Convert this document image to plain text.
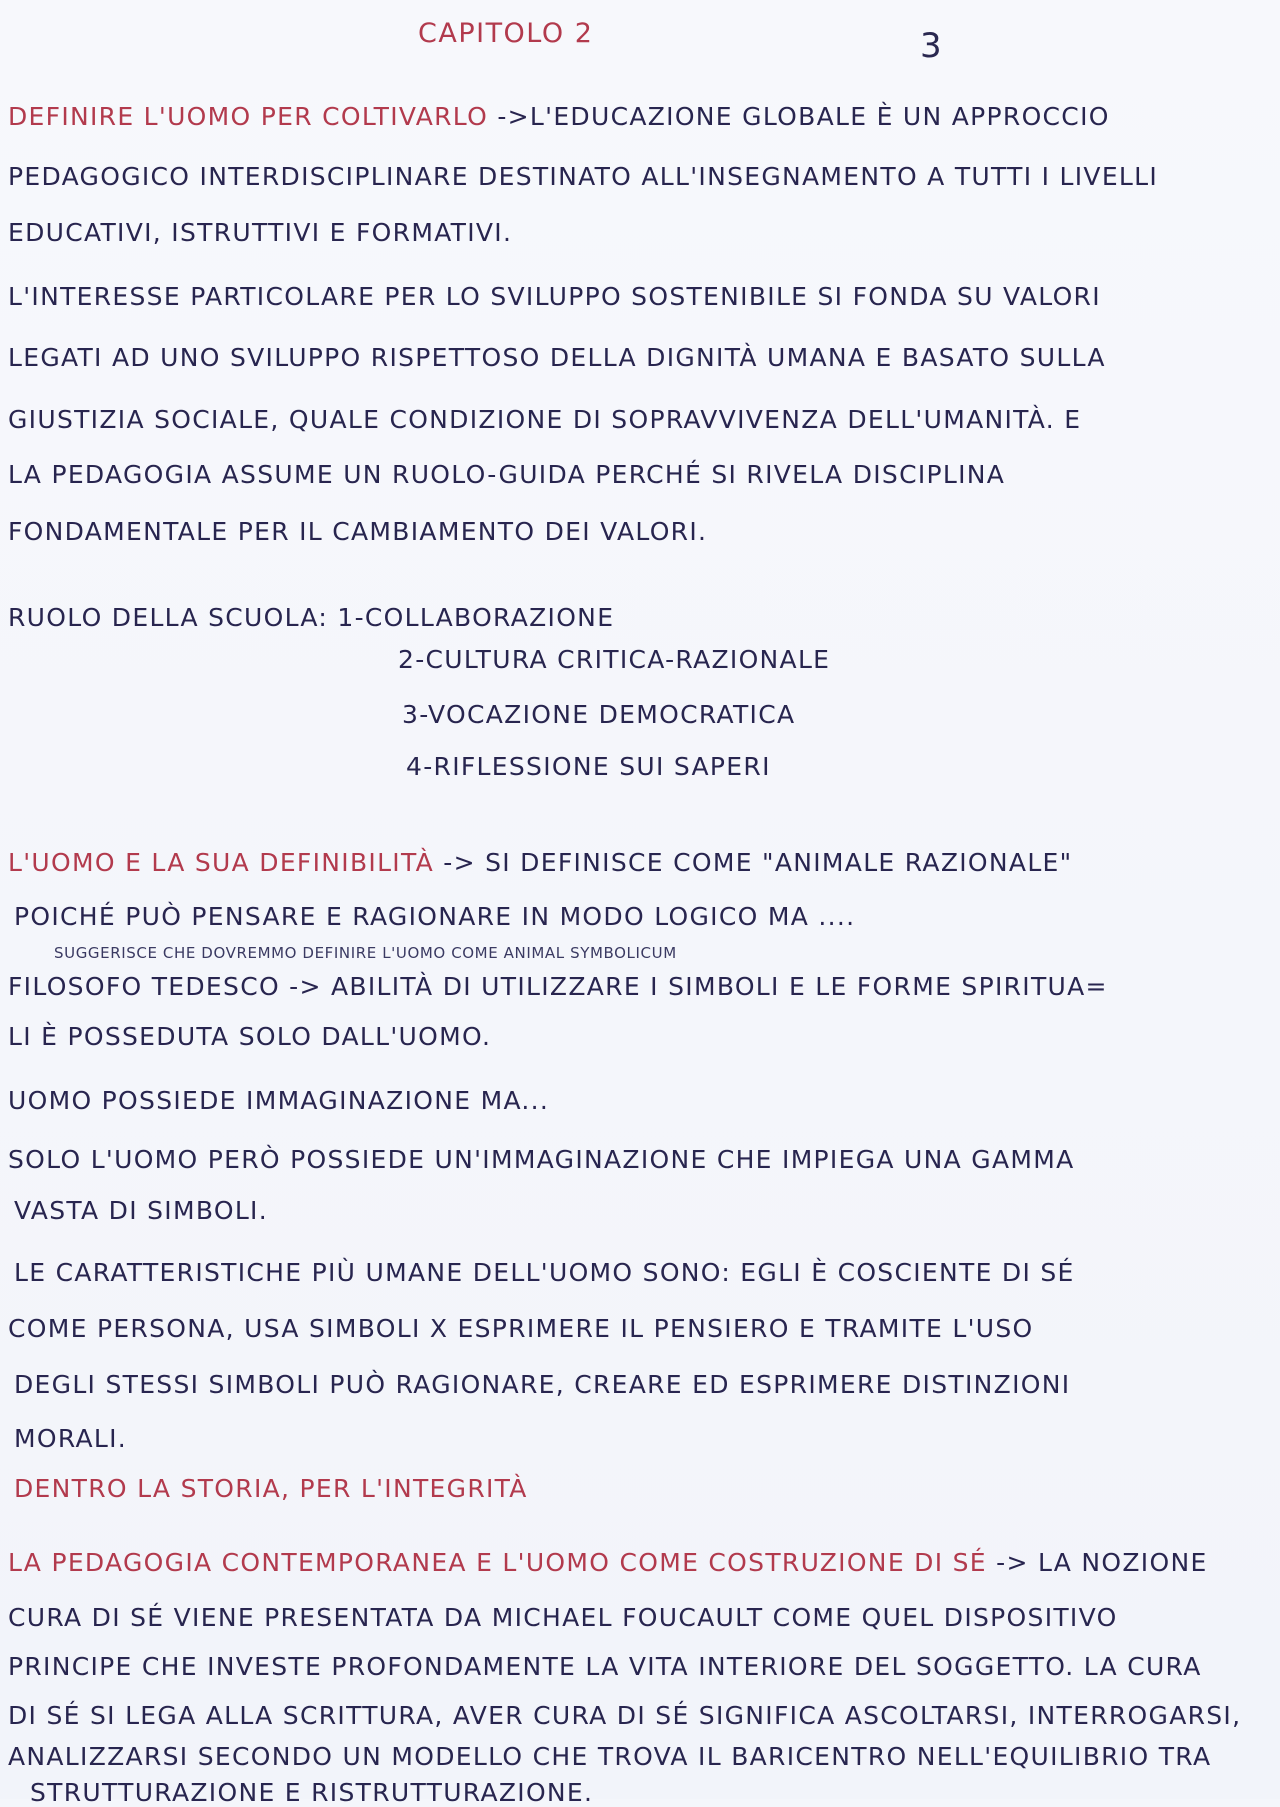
CAPITOLO 2	3
DEFINIRE L'UOMO PER COLTIVARLO ->L'EDUCAZIONE GLOBALE È UN APPROCCIO
PEDAGOGICO INTERDISCIPLINARE DESTINATO ALL'INSEGNAMENTO A TUTTI I LIVELLI
EDUCATIVI, ISTRUTTIVI E FORMATIVI.
L'INTERESSE PARTICOLARE PER LO SVILUPPO SOSTENIBILE SI FONDA SU VALORI
LEGATI AD UNO SVILUPPO RISPETTOSO DELLA DIGNITÀ UMANA E BASATO SULLA
GIUSTIZIA SOCIALE, QUALE CONDIZIONE DI SOPRAVVIVENZA DELL'UMANITÀ. E
LA PEDAGOGIA ASSUME UN RUOLO-GUIDA PERCHÉ SI RIVELA DISCIPLINA
FONDAMENTALE PER IL CAMBIAMENTO DEI VALORI.
RUOLO DELLA SCUOLA: 1-COLLABORAZIONE
2-CULTURA CRITICA-RAZIONALE
3-VOCAZIONE DEMOCRATICA
4-RIFLESSIONE SUI SAPERI
L'UOMO E LA SUA DEFINIBILITÀ -> SI DEFINISCE COME "ANIMALE RAZIONALE"
POICHÉ PUÒ PENSARE E RAGIONARE IN MODO LOGICO MA ....
SUGGERISCE CHE DOVREMMO DEFINIRE L'UOMO COME ANIMAL SYMBOLICUM
FILOSOFO TEDESCO -> ABILITÀ DI UTILIZZARE I SIMBOLI E LE FORME SPIRITUA=
LI È POSSEDUTA SOLO DALL'UOMO.
UOMO POSSIEDE IMMAGINAZIONE MA...
SOLO L'UOMO PERÒ POSSIEDE UN'IMMAGINAZIONE CHE IMPIEGA UNA GAMMA
VASTA DI SIMBOLI.
LE CARATTERISTICHE PIÙ UMANE DELL'UOMO SONO: EGLI È COSCIENTE DI SÉ
COME PERSONA, USA SIMBOLI X ESPRIMERE IL PENSIERO E TRAMITE L'USO
DEGLI STESSI SIMBOLI PUÒ RAGIONARE, CREARE ED ESPRIMERE DISTINZIONI
MORALI.
DENTRO LA STORIA, PER L'INTEGRITÀ
LA PEDAGOGIA CONTEMPORANEA E L'UOMO COME COSTRUZIONE DI SÉ -> LA NOZIONE
CURA DI SÉ VIENE PRESENTATA DA MICHAEL FOUCAULT COME QUEL DISPOSITIVO
PRINCIPE CHE INVESTE PROFONDAMENTE LA VITA INTERIORE DEL SOGGETTO. LA CURA
DI SÉ SI LEGA ALLA SCRITTURA, AVER CURA DI SÉ SIGNIFICA ASCOLTARSI, INTERROGARSI,
ANALIZZARSI SECONDO UN MODELLO CHE TROVA IL BARICENTRO NELL'EQUILIBRIO TRA
STRUTTURAZIONE E RISTRUTTURAZIONE.
